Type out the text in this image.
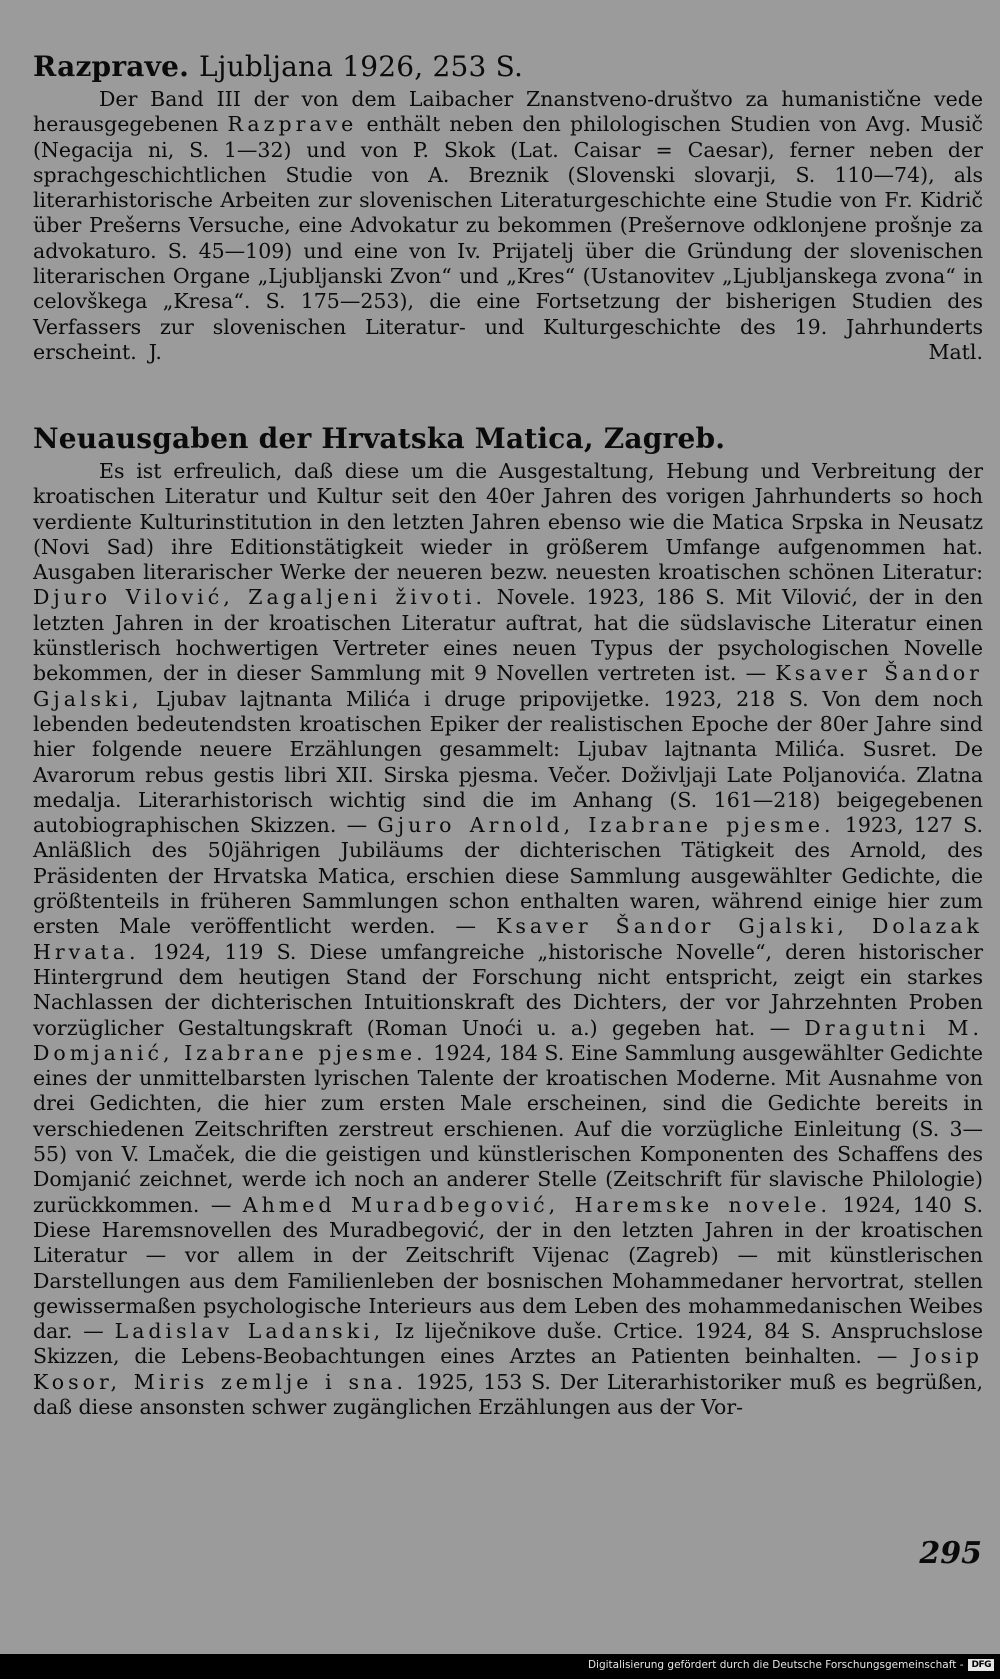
Razprave. Ljubljana 1926, 253 S.

Der Band III der von dem Laibacher Znanstveno-društvo za humanistične vede herausgegebenen Razprave enthält neben den philologischen Studien von Avg. Musič (Negacija ni, S. 1—32) und von P. Skok (Lat. Caisar = Caesar), ferner neben der sprachgeschichtlichen Studie von A. Breznik (Slovenski slovarji, S. 110—74), als literarhistorische Arbeiten zur slovenischen Literaturgeschichte eine Studie von Fr. Kidrič über Prešerns Versuche, eine Advokatur zu bekommen (Prešernove odklonjene prošnje za advokaturo. S. 45—109) und eine von Iv. Prijatelj über die Gründung der slovenischen literarischen Organe „Ljubljanski Zvon“ und „Kres“ (Ustanovitev „Ljubljanskega zvona“ in celovškega „Kresa“. S. 175—253), die eine Fortsetzung der bisherigen Studien des Verfassers zur slovenischen Literatur- und Kulturgeschichte des 19. Jahrhunderts erscheint. J. Matl.

Neuausgaben der Hrvatska Matica, Zagreb.

Es ist erfreulich, daß diese um die Ausgestaltung, Hebung und Verbreitung der kroatischen Literatur und Kultur seit den 40er Jahren des vorigen Jahrhunderts so hoch verdiente Kulturinstitution in den letzten Jahren ebenso wie die Matica Srpska in Neusatz (Novi Sad) ihre Editionstätigkeit wieder in größerem Umfange aufgenommen hat. Ausgaben literarischer Werke der neueren bezw. neuesten kroatischen schönen Literatur: Djuro Vilović, Zagaljeni životi. Novele. 1923, 186 S. Mit Vilović, der in den letzten Jahren in der kroatischen Literatur auftrat, hat die südslavische Literatur einen künstlerisch hochwertigen Vertreter eines neuen Typus der psychologischen Novelle bekommen, der in dieser Sammlung mit 9 Novellen vertreten ist. — Ksaver Šandor Gjalski, Ljubav lajtnanta Milića i druge pripovijetke. 1923, 218 S. Von dem noch lebenden bedeutendsten kroatischen Epiker der realistischen Epoche der 80er Jahre sind hier folgende neuere Erzählungen gesammelt: Ljubav lajtnanta Milića. Susret. De Avarorum rebus gestis libri XII. Sirska pjesma. Večer. Doživljaji Late Poljanovića. Zlatna medalja. Literarhistorisch wichtig sind die im Anhang (S. 161—218) beigegebenen autobiographischen Skizzen. — Gjuro Arnold, Izabrane pjesme. 1923, 127 S. Anläßlich des 50jährigen Jubiläums der dichterischen Tätigkeit des Arnold, des Präsidenten der Hrvatska Matica, erschien diese Sammlung ausgewählter Gedichte, die größtenteils in früheren Sammlungen schon enthalten waren, während einige hier zum ersten Male veröffentlicht werden. — Ksaver Šandor Gjalski, Dolazak Hrvata. 1924, 119 S. Diese umfangreiche „historische Novelle“, deren historischer Hintergrund dem heutigen Stand der Forschung nicht entspricht, zeigt ein starkes Nachlassen der dichterischen Intuitionskraft des Dichters, der vor Jahrzehnten Proben vorzüglicher Gestaltungskraft (Roman Unoći u. a.) gegeben hat. — Dragutni M. Domjanić, Izabrane pjesme. 1924, 184 S. Eine Sammlung ausgewählter Gedichte eines der unmittelbarsten lyrischen Talente der kroatischen Moderne. Mit Ausnahme von drei Gedichten, die hier zum ersten Male erscheinen, sind die Gedichte bereits in verschiedenen Zeitschriften zerstreut erschienen. Auf die vorzügliche Einleitung (S. 3—55) von V. Lmaček, die die geistigen und künstlerischen Komponenten des Schaffens des Domjanić zeichnet, werde ich noch an anderer Stelle (Zeitschrift für slavische Philologie) zurückkommen. — Ahmed Muradbegović, Haremske novele. 1924, 140 S. Diese Haremsnovellen des Muradbegović, der in den letzten Jahren in der kroatischen Literatur — vor allem in der Zeitschrift Vijenac (Zagreb) — mit künstlerischen Darstellungen aus dem Familienleben der bosnischen Mohammedaner hervortrat, stellen gewissermaßen psychologische Interieurs aus dem Leben des mohammedanischen Weibes dar. — Ladislav Ladanski, Iz liječnikove duše. Crtice. 1924, 84 S. Anspruchslose Skizzen, die Lebens-Beobachtungen eines Arztes an Patienten beinhalten. — Josip Kosor, Miris zemlje i sna. 1925, 153 S. Der Literarhistoriker muß es begrüßen, daß diese ansonsten schwer zugänglichen Erzählungen aus der Vor-

295
Digitalisierung gefördert durch die Deutsche Forschungsgemeinschaft - DFG
